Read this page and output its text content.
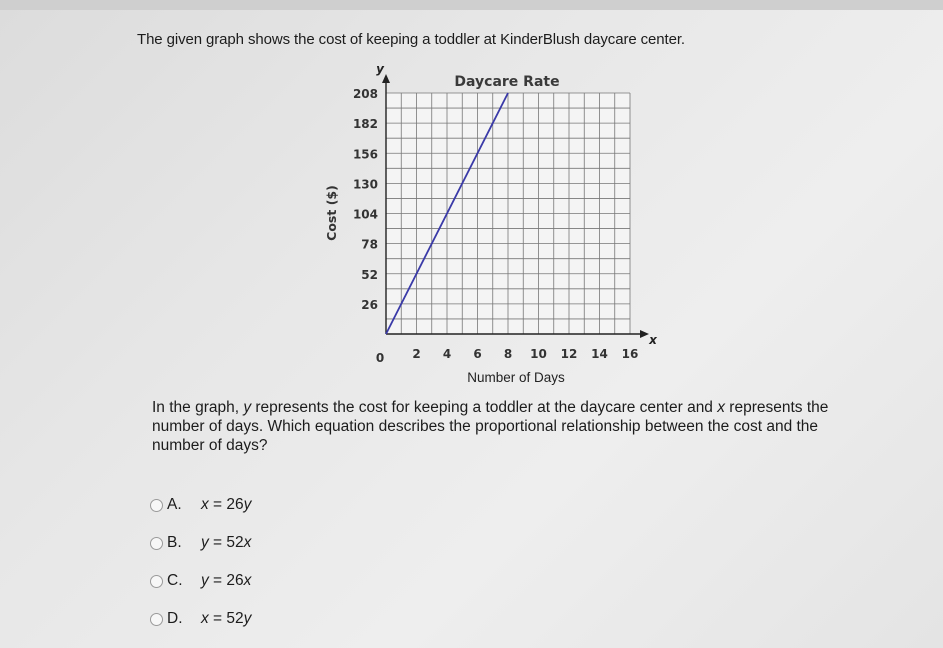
The given graph shows the cost of keeping a toddler at KinderBlush daycare center.
Daycare Rate
y
x
26
52
78
104
130
156
182
208
2 4 6 8 10 12 14 16
0
Number of Days
Cost ($)
In the graph, y represents the cost for keeping a toddler at the daycare center and x represents the number of days. Which equation describes the proportional relationship between the cost and the number of days?
A.	x = 26y
B.	y = 52x
C.	y = 26x
D.	x = 52y
